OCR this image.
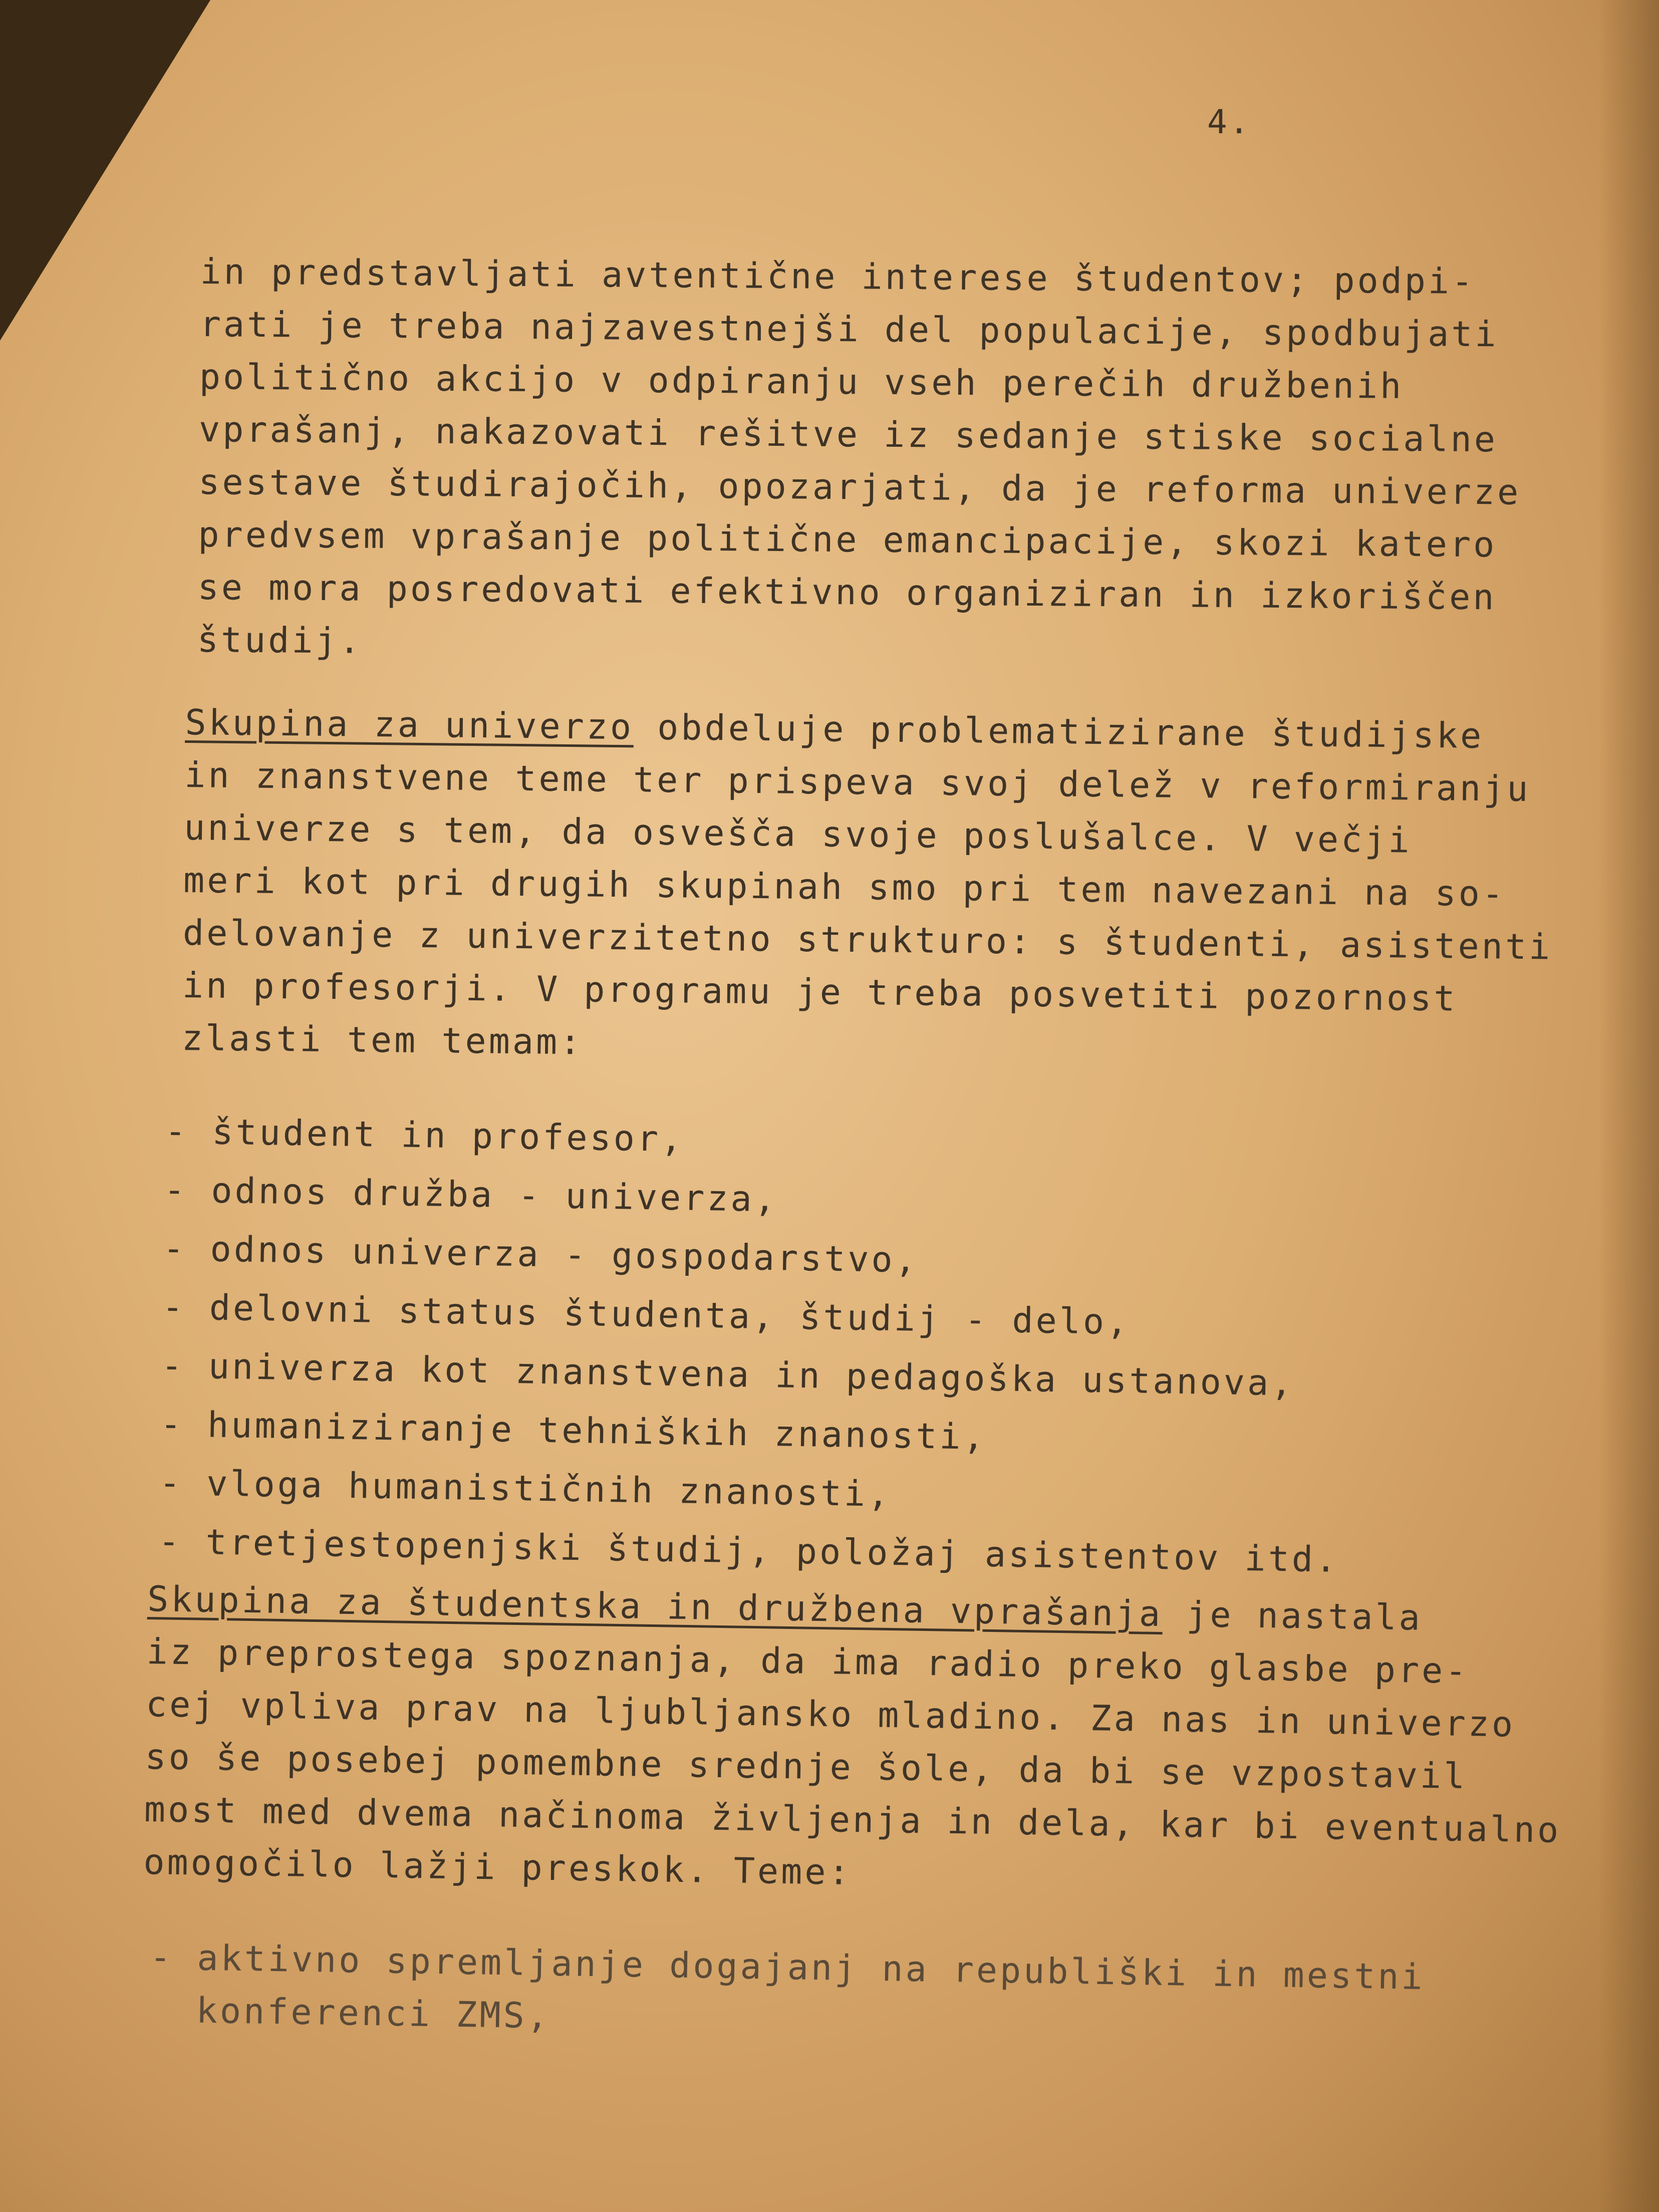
4.
in predstavljati avtentične interese študentov; podpi-
rati je treba najzavestnejši del populacije, spodbujati
politično akcijo v odpiranju vseh perečih družbenih
vprašanj, nakazovati rešitve iz sedanje stiske socialne
sestave študirajočih, opozarjati, da je reforma univerze
predvsem vprašanje politične emancipacije, skozi katero
se mora posredovati efektivno organiziran in izkoriščen
študij.
Skupina za univerzo obdeluje problematizirane študijske
in znanstvene teme ter prispeva svoj delež v reformiranju
univerze s tem, da osvešča svoje poslušalce. V večji
meri kot pri drugih skupinah smo pri tem navezani na so-
delovanje z univerzitetno strukturo: s študenti, asistenti
in profesorji. V programu je treba posvetiti pozornost
zlasti tem temam:
- študent in profesor,
- odnos družba - univerza,
- odnos univerza - gospodarstvo,
- delovni status študenta, študij - delo,
- univerza kot znanstvena in pedagoška ustanova,
- humaniziranje tehniških znanosti,
- vloga humanističnih znanosti,
- tretjestopenjski študij, položaj asistentov itd.
Skupina za študentska in družbena vprašanja je nastala
iz preprostega spoznanja, da ima radio preko glasbe pre-
cej vpliva prav na ljubljansko mladino. Za nas in univerzo
so še posebej pomembne srednje šole, da bi se vzpostavil
most med dvema načinoma življenja in dela, kar bi eventualno
omogočilo lažji preskok. Teme:
- aktivno spremljanje dogajanj na republiški in mestni
konferenci ZMS,
